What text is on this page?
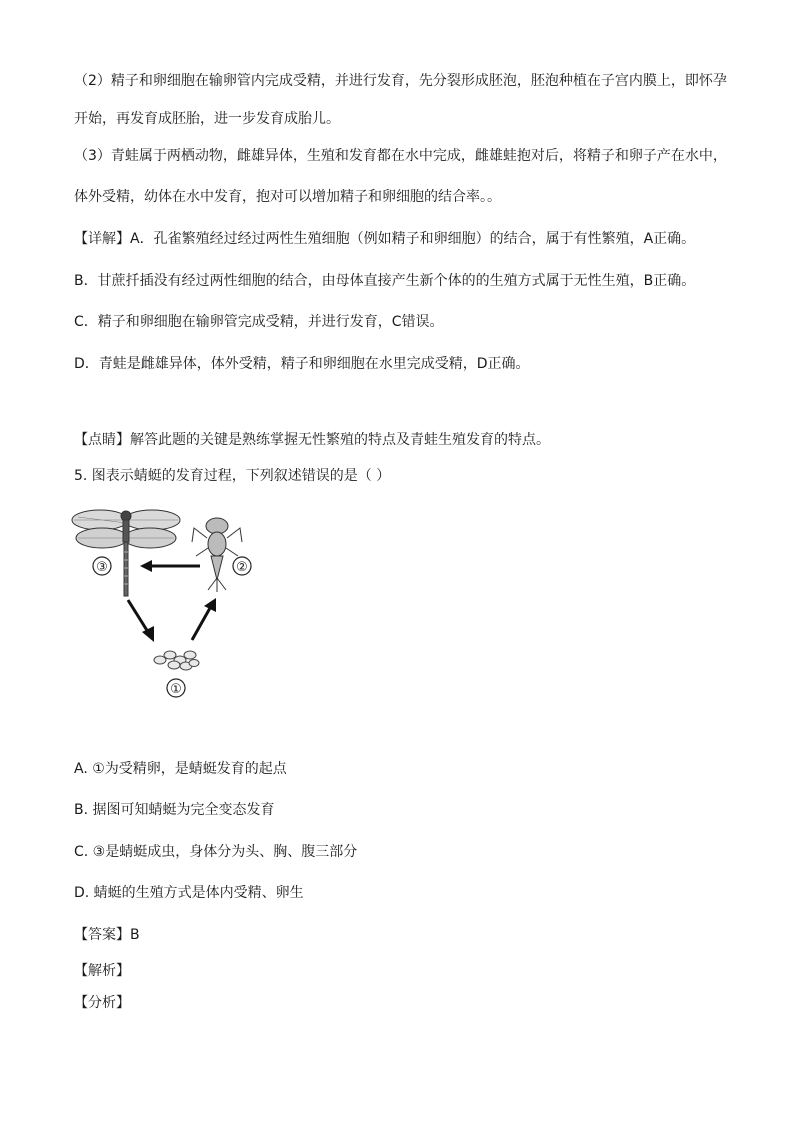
（2）精子和卵细胞在输卵管内完成受精，并进行发育，先分裂形成胚泡，胚泡种植在子宫内膜上，即怀孕
开始，再发育成胚胎，进一步发育成胎儿。
（3）青蛙属于两栖动物，雌雄异体，生殖和发育都在水中完成，雌雄蛙抱对后，将精子和卵子产在水中，
体外受精，幼体在水中发育，抱对可以增加精子和卵细胞的结合率。。
【详解】A．孔雀繁殖经过经过两性生殖细胞（例如精子和卵细胞）的结合，属于有性繁殖，A正确。
B．甘蔗扦插没有经过两性细胞的结合，由母体直接产生新个体的的生殖方式属于无性生殖，B正确。
C．精子和卵细胞在输卵管完成受精，并进行发育，C错误。
D．青蛙是雌雄异体，体外受精，精子和卵细胞在水里完成受精，D正确。
【点睛】解答此题的关键是熟练掌握无性繁殖的特点及青蛙生殖发育的特点。
5. 图表示蜻蜓的发育过程，下列叙述错误的是（ ）
③	②
①
A. ①为受精卵，是蜻蜓发育的起点
B. 据图可知蜻蜓为完全变态发育
C. ③是蜻蜓成虫，身体分为头、胸、腹三部分
D. 蜻蜓的生殖方式是体内受精、卵生
【答案】B
【解析】
【分析】
